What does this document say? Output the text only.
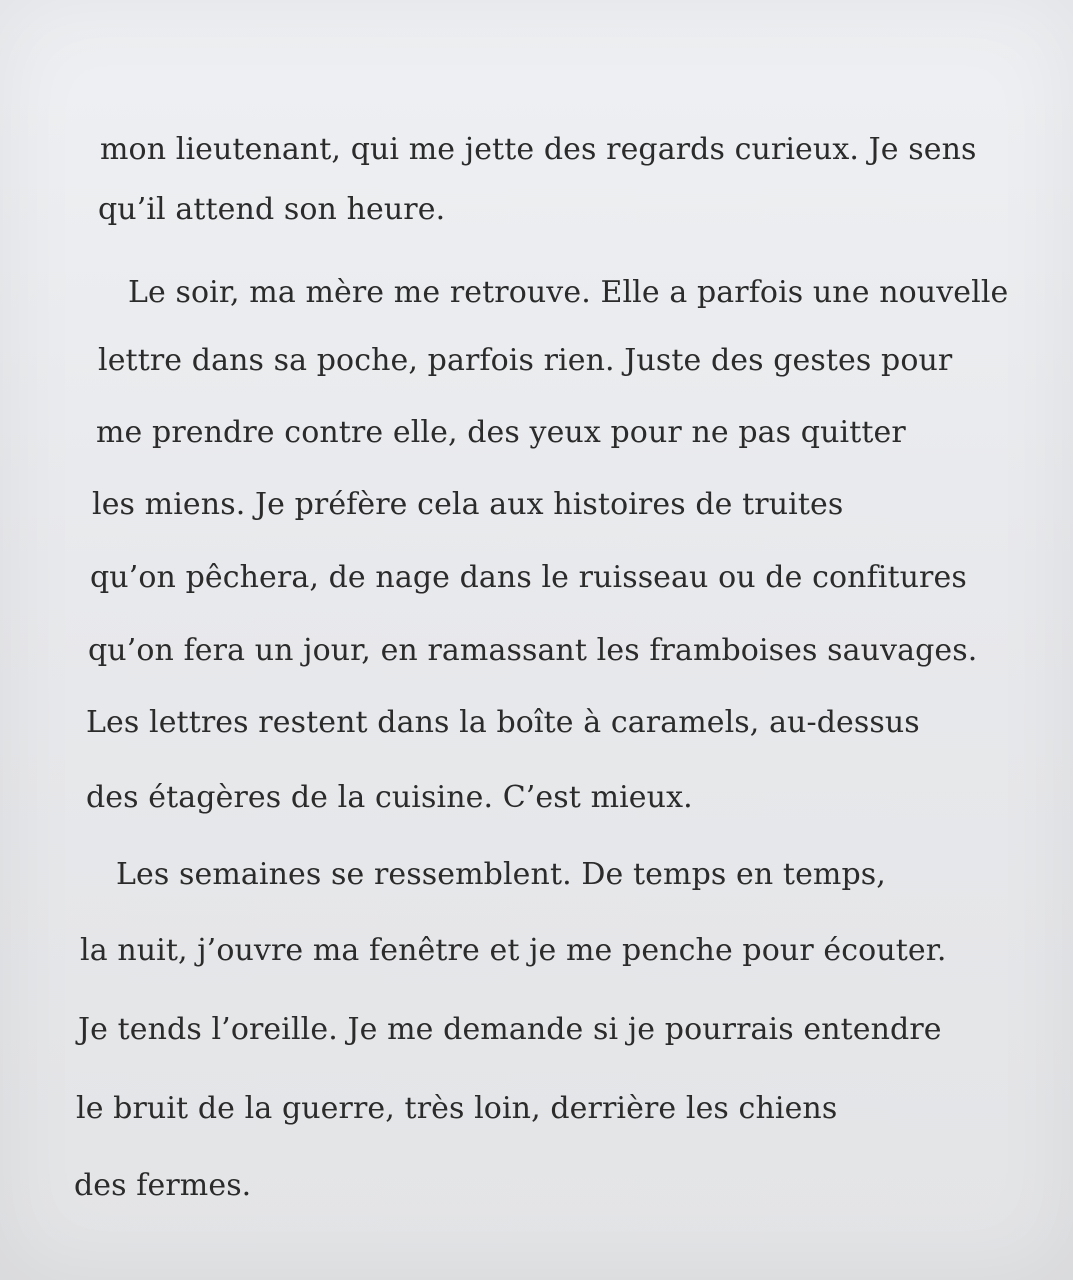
mon lieutenant, qui me jette des regards curieux. Je sens

qu’il attend son heure.

Le soir, ma mère me retrouve. Elle a parfois une nouvelle

lettre dans sa poche, parfois rien. Juste des gestes pour

me prendre contre elle, des yeux pour ne pas quitter

les miens. Je préfère cela aux histoires de truites

qu’on pêchera, de nage dans le ruisseau ou de confitures

qu’on fera un jour, en ramassant les framboises sauvages.

Les lettres restent dans la boîte à caramels, au-dessus

des étagères de la cuisine. C’est mieux.

Les semaines se ressemblent. De temps en temps,

la nuit, j’ouvre ma fenêtre et je me penche pour écouter.

Je tends l’oreille. Je me demande si je pourrais entendre

le bruit de la guerre, très loin, derrière les chiens

des fermes.
